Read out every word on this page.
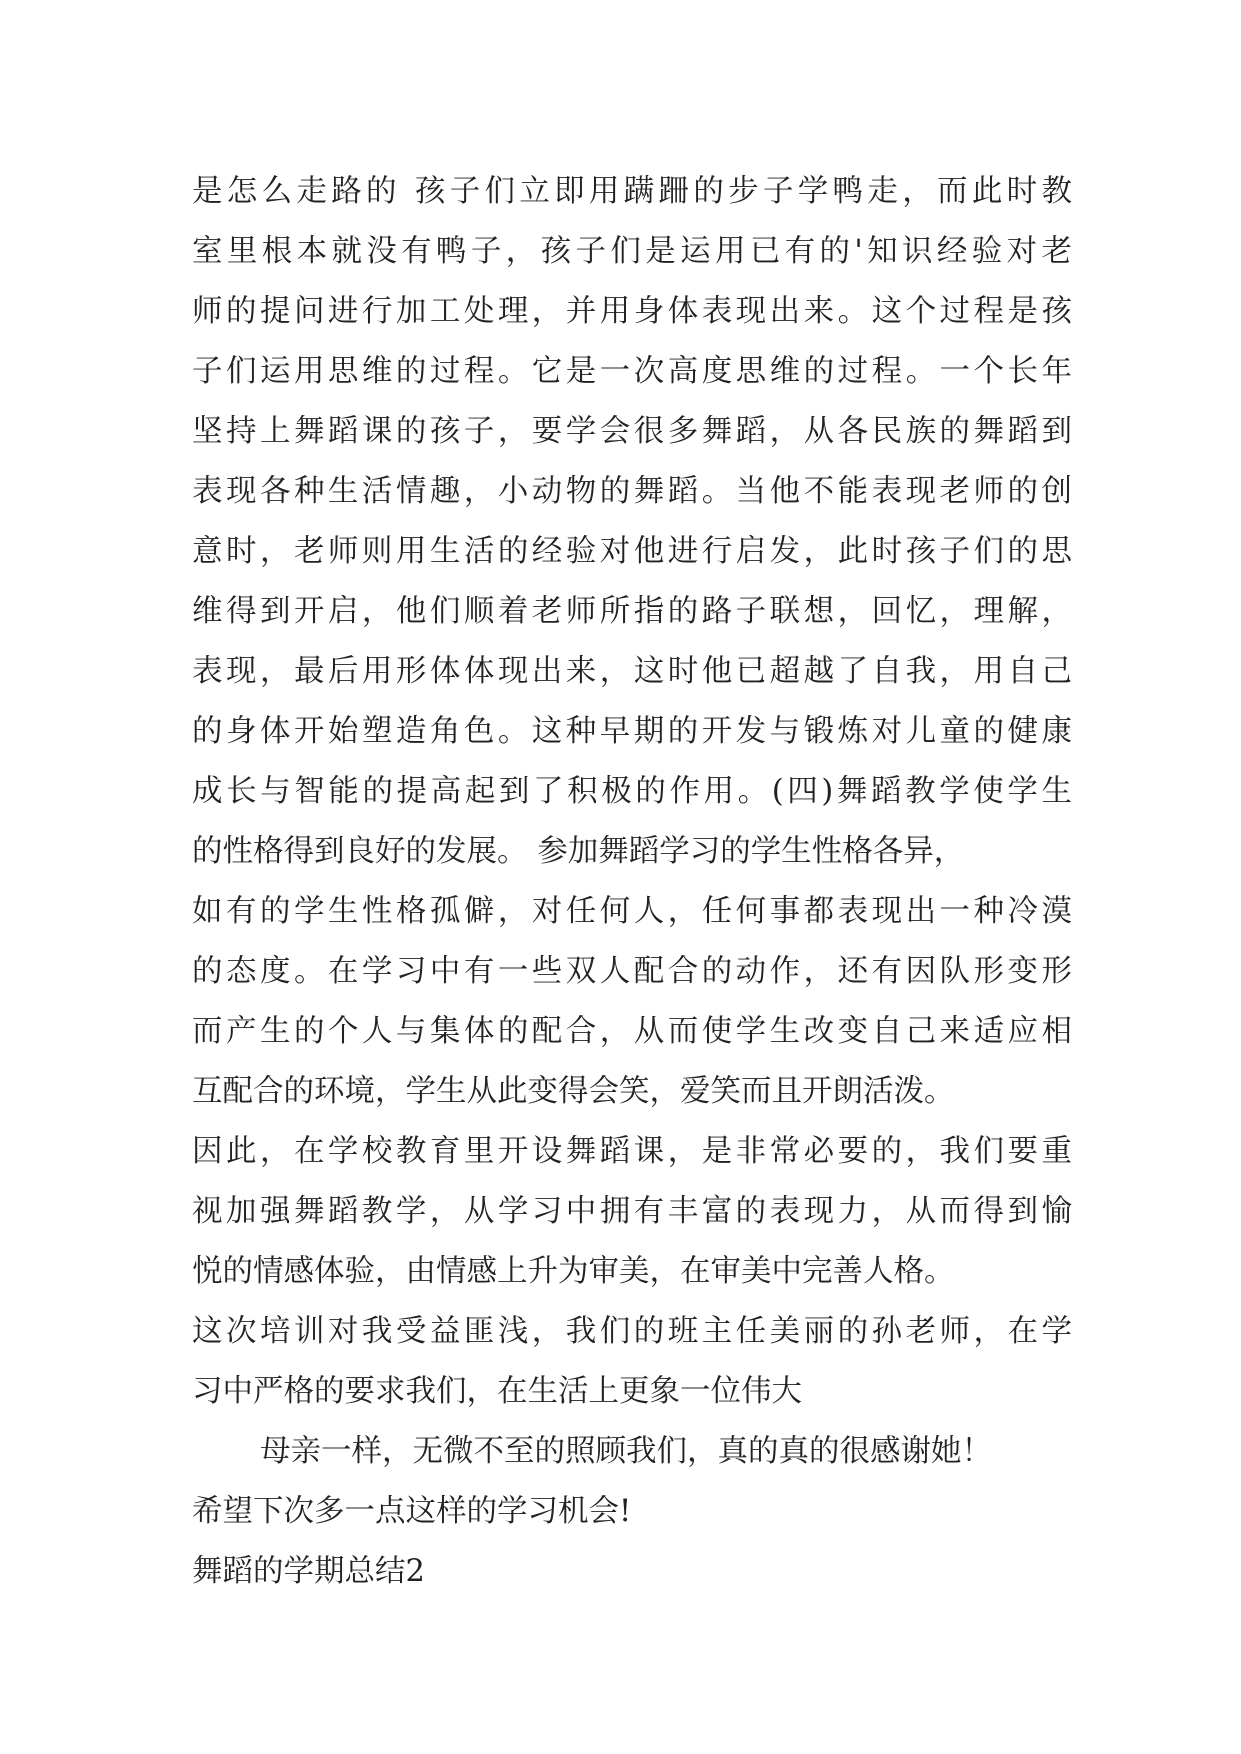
是怎么走路的 孩子们立即用蹒跚的步子学鸭走，而此时教
室里根本就没有鸭子，孩子们是运用已有的'知识经验对老
师的提问进行加工处理，并用身体表现出来。这个过程是孩
子们运用思维的过程。它是一次高度思维的过程。一个长年
坚持上舞蹈课的孩子，要学会很多舞蹈，从各民族的舞蹈到
表现各种生活情趣，小动物的舞蹈。当他不能表现老师的创
意时，老师则用生活的经验对他进行启发，此时孩子们的思
维得到开启，他们顺着老师所指的路子联想，回忆，理解，
表现，最后用形体体现出来，这时他已超越了自我，用自己
的身体开始塑造角色。这种早期的开发与锻炼对儿童的健康
成长与智能的提高起到了积极的作用。(四)舞蹈教学使学生
的性格得到良好的发展。 参加舞蹈学习的学生性格各异，
如有的学生性格孤僻，对任何人，任何事都表现出一种冷漠
的态度。在学习中有一些双人配合的动作，还有因队形变形
而产生的个人与集体的配合，从而使学生改变自己来适应相
互配合的环境，学生从此变得会笑，爱笑而且开朗活泼。
因此，在学校教育里开设舞蹈课，是非常必要的，我们要重
视加强舞蹈教学，从学习中拥有丰富的表现力，从而得到愉
悦的情感体验，由情感上升为审美，在审美中完善人格。
这次培训对我受益匪浅，我们的班主任美丽的孙老师，在学
习中严格的要求我们，在生活上更象一位伟大
母亲一样，无微不至的照顾我们，真的真的很感谢她！
希望下次多一点这样的学习机会!
舞蹈的学期总结2
